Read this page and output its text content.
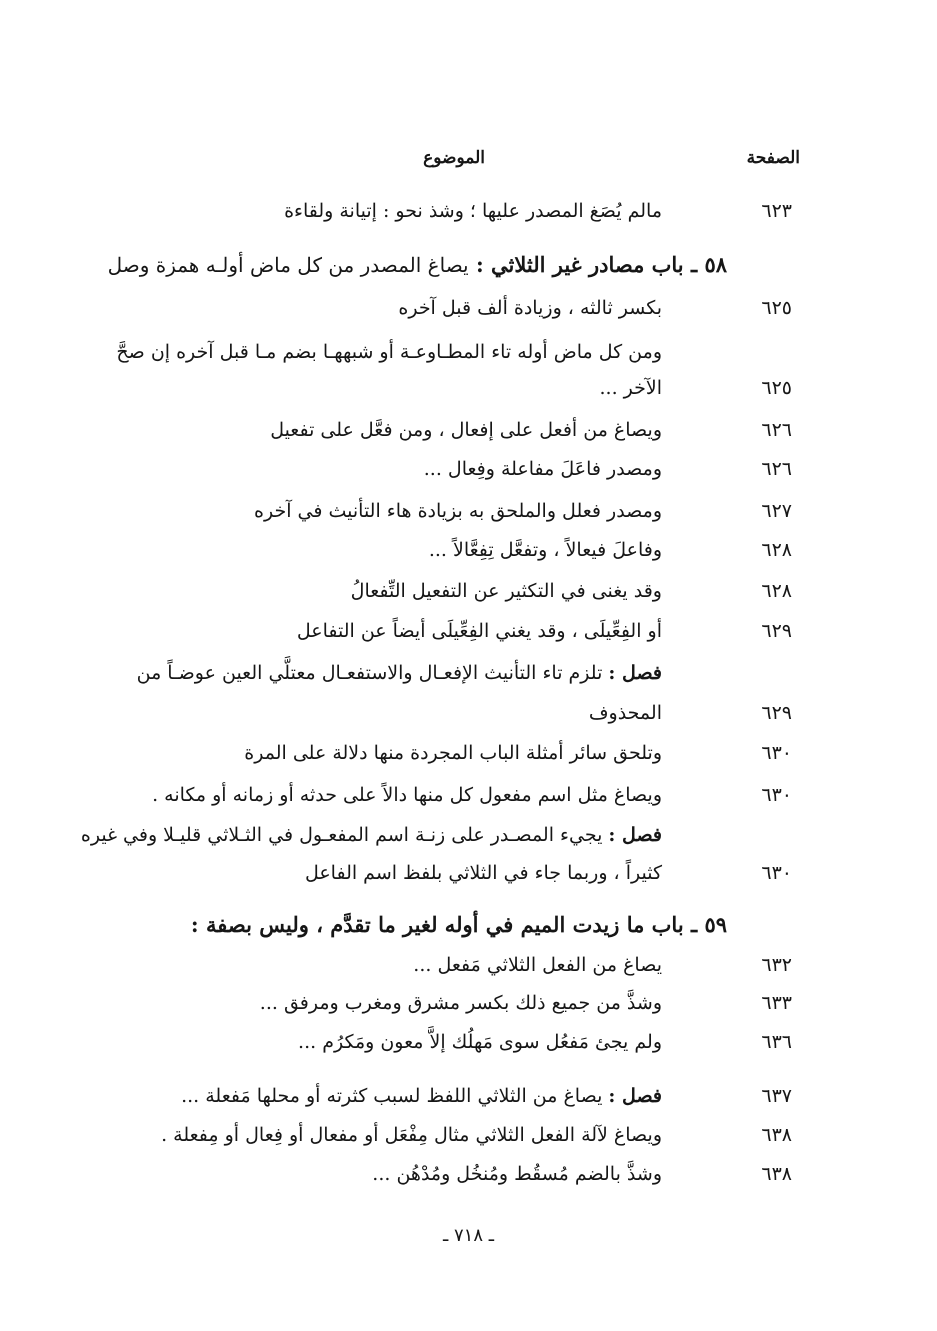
الصفحة
الموضوع
٦٢٣
مالم يُصَغ المصدر عليها ؛ وشذ نحو : إتيانة ولقاءة
٥٨ ـ باب مصادر غير الثلاثي : يصاغ المصدر من كل ماض أولـه همزة وصل
٦٢٥
بكسر ثالثه ، وزيادة ألف قبل آخره
ومن كل ماض أوله تاء المطـاوعـة أو شبههـا بضم مـا قبل آخره إن صحَّ
٦٢٥
الآخر ...
٦٢٦
ويصاغ من أفعل على إفعال ، ومن فعَّل على تفعيل
٦٢٦
ومصدر فاعَلَ مفاعلة وفِعال ...
٦٢٧
ومصدر فعلل والملحق به بزيادة هاء التأنيث في آخره
٦٢٨
وفاعلَ فيعالاً ، وتفعَّل تِفِعَّالاً ...
٦٢٨
وقد يغنى في التكثير عن التفعيل التِّفعالُ
٦٢٩
أو الفِعِّيلَى ، وقد يغني الفِعِّيلَى أيضاً عن التفاعل
فصل : تلزم تاء التأنيث الإفعـال والاستفعـال معتلَّي العين عوضـاً من
٦٢٩
المحذوف
٦٣٠
وتلحق سائر أمثلة الباب المجردة منها دلالة على المرة
٦٣٠
ويصاغ مثل اسم مفعول كل منها دالاً على حدثه أو زمانه أو مكانه .
فصل : يجيء المصـدر على زنـة اسم المفعـول في الثـلاثي قليـلا وفي غيره
٦٣٠
كثيراً ، وربما جاء في الثلاثي بلفظ اسم الفاعل
٥٩ ـ باب ما زيدت الميم في أوله لغير ما تقدَّم ، وليس بصفة :
٦٣٢
يصاغ من الفعل الثلاثي مَفعل ...
٦٣٣
وشذَّ من جميع ذلك بكسر مشرق ومغرب ومرفق ...
٦٣٦
ولم يجئ مَفعُل سوى مَهلُك إلاَّ معون ومَكرُم ...
٦٣٧
فصل : يصاغ من الثلاثي اللفظ لسبب كثرته أو محلها مَفعلة ...
٦٣٨
ويصاغ لآلة الفعل الثلاثي مثال مِفْعَل أو مفعال أو فِعال أو مِفعلة .
٦٣٨
وشذَّ بالضم مُسقُط ومُنخُل ومُدْهُن ...
ـ ٧١٨ ـ
